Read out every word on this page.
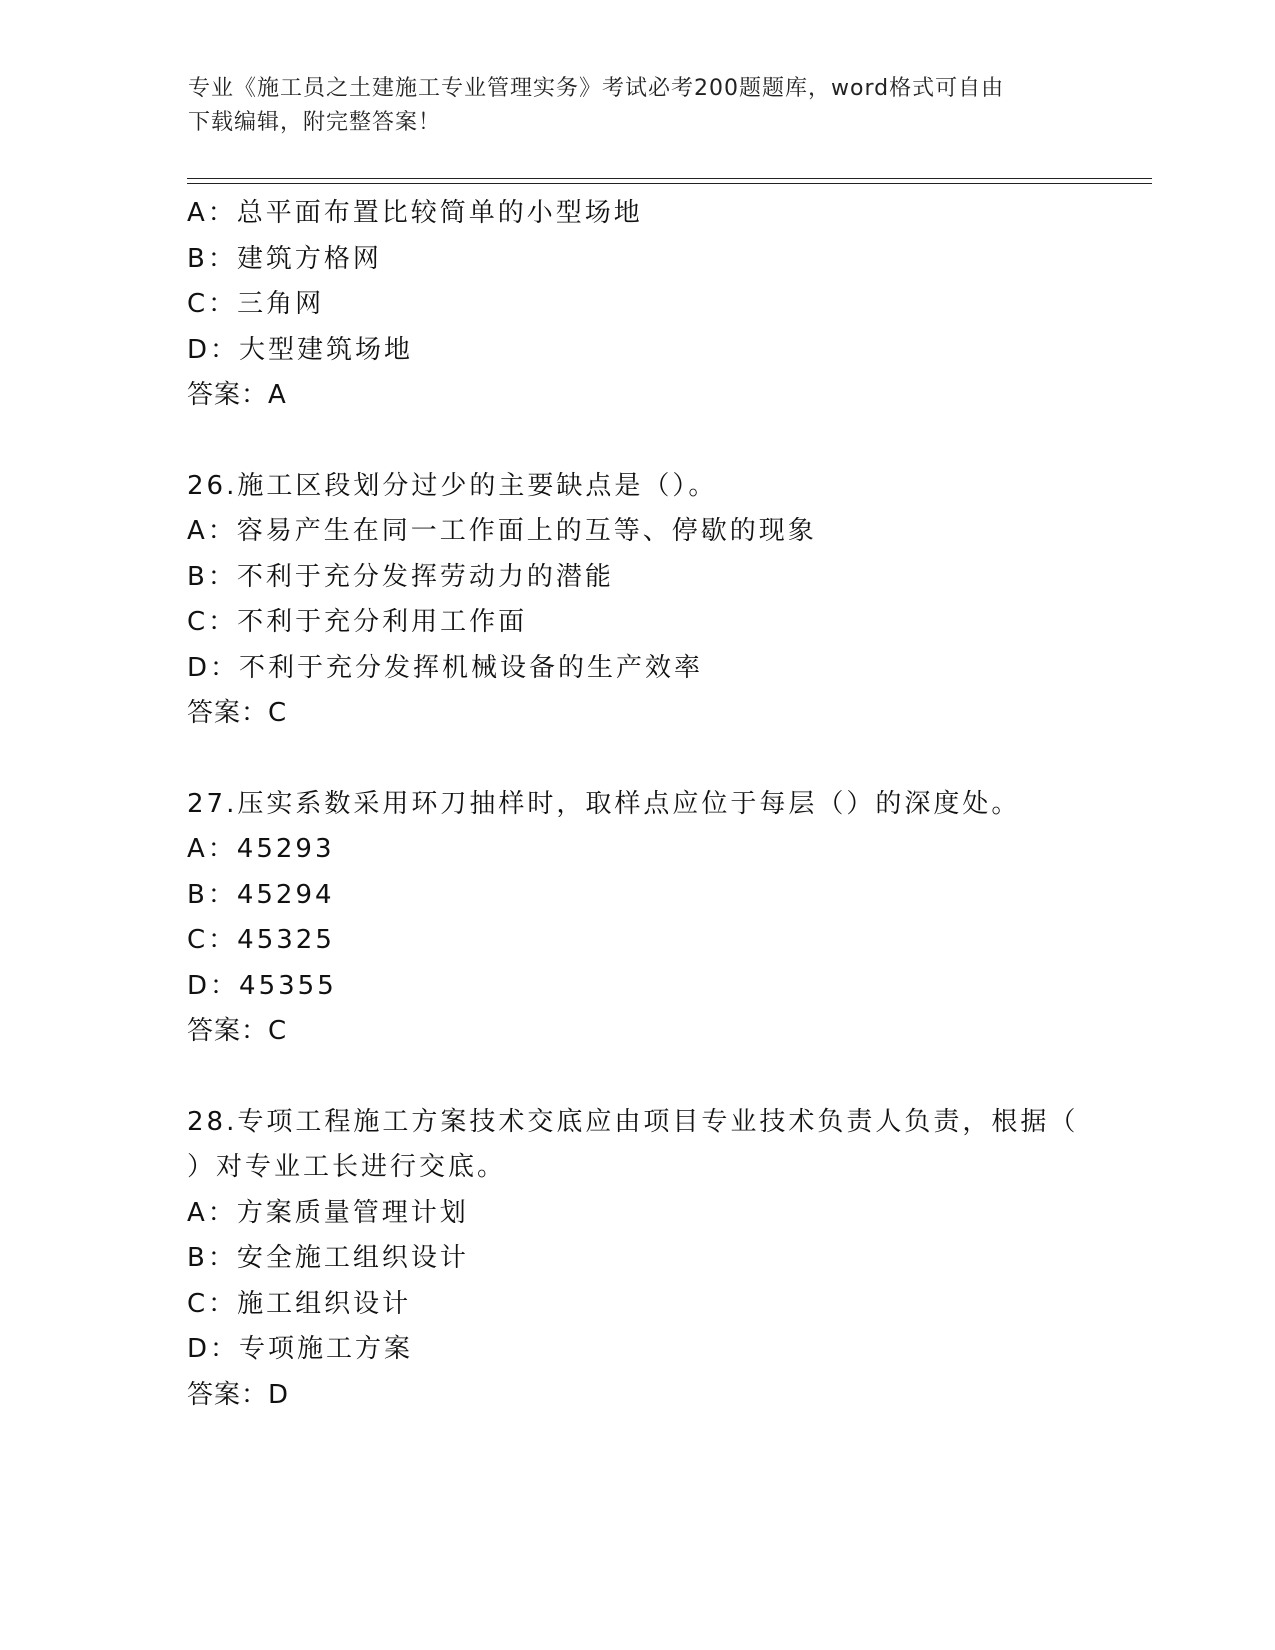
专业《施工员之土建施工专业管理实务》考试必考200题题库，word格式可自由
下载编辑，附完整答案！
A：总平面布置比较简单的小型场地
B：建筑方格网
C：三角网
D：大型建筑场地
答案：A
26.施工区段划分过少的主要缺点是（）。
A：容易产生在同一工作面上的互等、停歇的现象
B：不利于充分发挥劳动力的潜能
C：不利于充分利用工作面
D：不利于充分发挥机械设备的生产效率
答案：C
27.压实系数采用环刀抽样时，取样点应位于每层（）的深度处。
A：45293
B：45294
C：45325
D：45355
答案：C
28.专项工程施工方案技术交底应由项目专业技术负责人负责，根据（
）对专业工长进行交底。
A：方案质量管理计划
B：安全施工组织设计
C：施工组织设计
D：专项施工方案
答案：D
